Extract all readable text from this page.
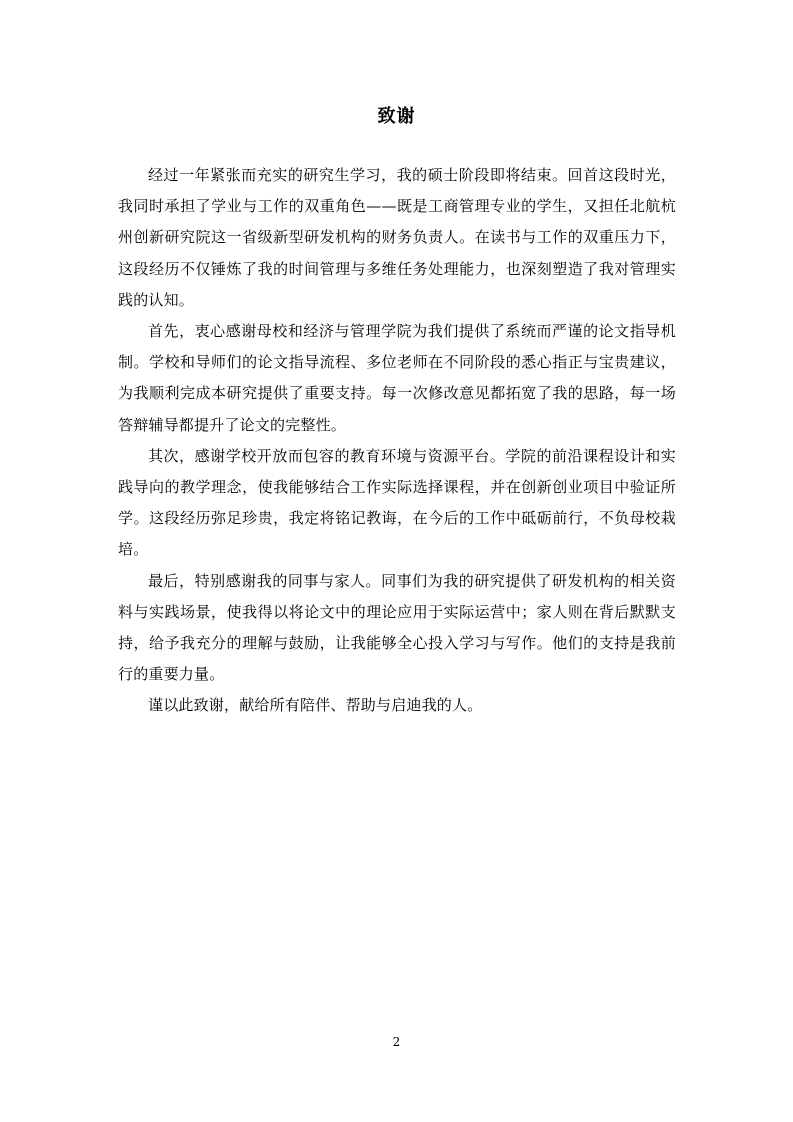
致谢

经过一年紧张而充实的研究生学习，我的硕士阶段即将结束。回首这段时光，我同时承担了学业与工作的双重角色——既是工商管理专业的学生，又担任北航杭州创新研究院这一省级新型研发机构的财务负责人。在读书与工作的双重压力下，这段经历不仅锤炼了我的时间管理与多维任务处理能力，也深刻塑造了我对管理实践的认知。

首先，衷心感谢母校和经济与管理学院为我们提供了系统而严谨的论文指导机制。学校和导师们的论文指导流程、多位老师在不同阶段的悉心指正与宝贵建议，为我顺利完成本研究提供了重要支持。每一次修改意见都拓宽了我的思路，每一场答辩辅导都提升了论文的完整性。

其次，感谢学校开放而包容的教育环境与资源平台。学院的前沿课程设计和实践导向的教学理念，使我能够结合工作实际选择课程，并在创新创业项目中验证所学。这段经历弥足珍贵，我定将铭记教诲，在今后的工作中砥砺前行，不负母校栽培。

最后，特别感谢我的同事与家人。同事们为我的研究提供了研发机构的相关资料与实践场景，使我得以将论文中的理论应用于实际运营中；家人则在背后默默支持，给予我充分的理解与鼓励，让我能够全心投入学习与写作。他们的支持是我前行的重要力量。

谨以此致谢，献给所有陪伴、帮助与启迪我的人。

2
